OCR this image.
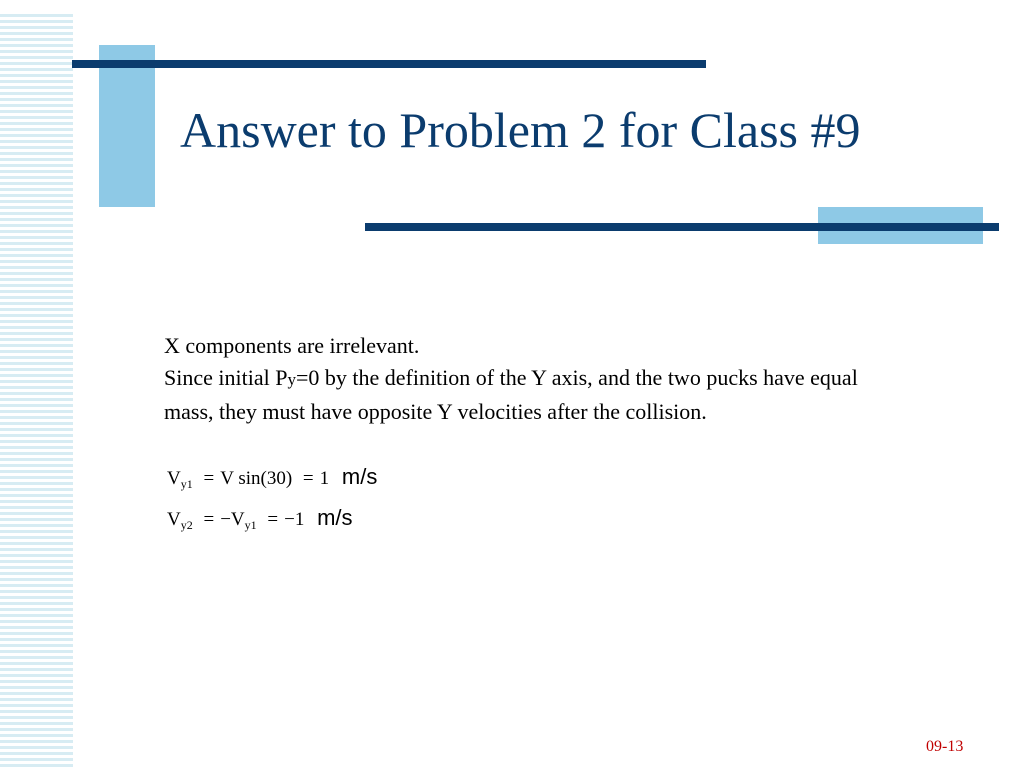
Answer to Problem 2 for Class #9

X components are irrelevant.

Since initial Py=0 by the definition of the Y axis, and the two pucks have equal mass, they must have opposite Y velocities after the collision.

$V_{y1} = V$ sin(30) = 1 m/s
$V_{y2} = -V_{y1} = -1$ m/s
09-13
